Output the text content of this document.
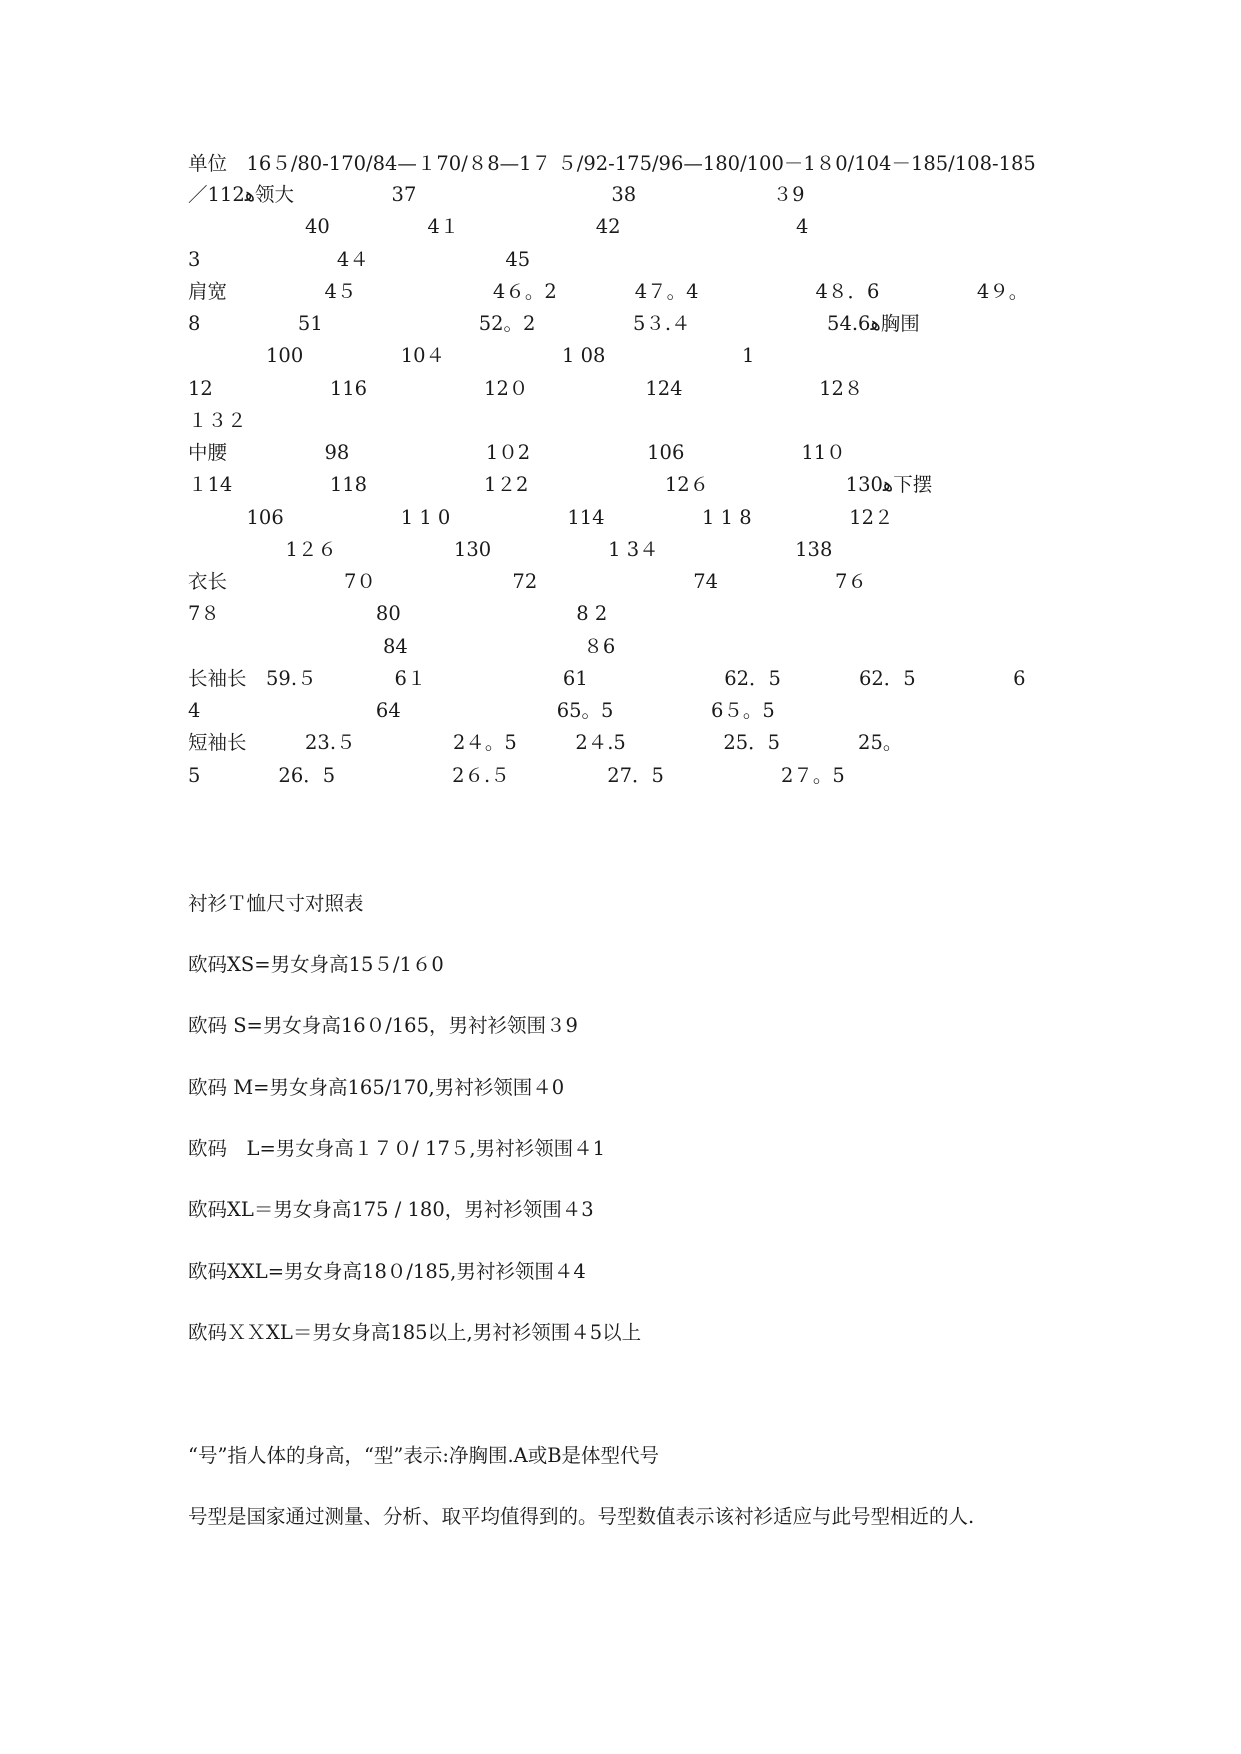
单位　16５/80-170/84—１70/８8—1７ ５/92-175/96—180/100－1８0/104－185/108-185
／112ﻫ领大　　　　　37　　　　　　　　　　38　　　　　　　３9
　　　　　　40　　　　　4１　　　　　　　42　　　　　　　　　4
3　　　　　　　4４　　　　　　　45
肩宽　　　　　4５　　　　　　　4６。2　　　　4７。4　　　　　　4８．6　　　　　4９。
8　　　　　51　　　　　　　　52。2　　　　　5３.４　　　　　　　54.6ﻫ胸围
　　　　100　　　　　10４　　　　　　1 08　　　　　　　1
12　　　　　　116　　　　　　12０　　　　　　124　　　　　　　12８
１３２
中腰　　　　　98　　　　　　　1０2　　　　　　106　　　　　　11０
１14　　　　　118　　　　　　1２2　　　　　　　12６　　　　　　　130ﻫ下摆
　　　106　　　　　　1 1 0　　　　　　114　　　　　1 1 8　　　　　12２
　　　　　1２６　　　　　　130　　　　　　1 3４　　　　　　　138
衣长　　　　　　7０　　　　　　　72　　　　　　　　74　　　　　　7６
7８　　　　　　　　80　　　　　　　　　8 2
　　　　　　　　　　84　　　　　　　　　８6
长袖长　59.５　　　　6１　　　　　　　61　　　　　　　62．5　　　　62．5　　　　　6
4　　　　　　　　　64　　　　　　　　65。5　　　　　6５。5
短袖长　　　23.５　　　　　2４。5　　　2４.5　　　　　25．5　　　　25。
5　　　　26．5　　　　　　2６.５　　　　　27．5　　　　　　2７。5
衬衫Ｔ恤尺寸对照表
欧码XS=男女身高15５/1６0
欧码 S=男女身高16０/165，男衬衫领围３9
欧码 M=男女身高165/170,男衬衫领围４0
欧码　L=男女身高１７０/ 17５,男衬衫领围４1
欧码XL＝男女身高175 / 180，男衬衫领围４3
欧码XXL=男女身高18０/185,男衬衫领围４4
欧码ＸＸXL＝男女身高185以上,男衬衫领围４5以上
“号”指人体的身高，“型”表示:净胸围.A或B是体型代号
号型是国家通过测量、分析、取平均值得到的。号型数值表示该衬衫适应与此号型相近的人.
